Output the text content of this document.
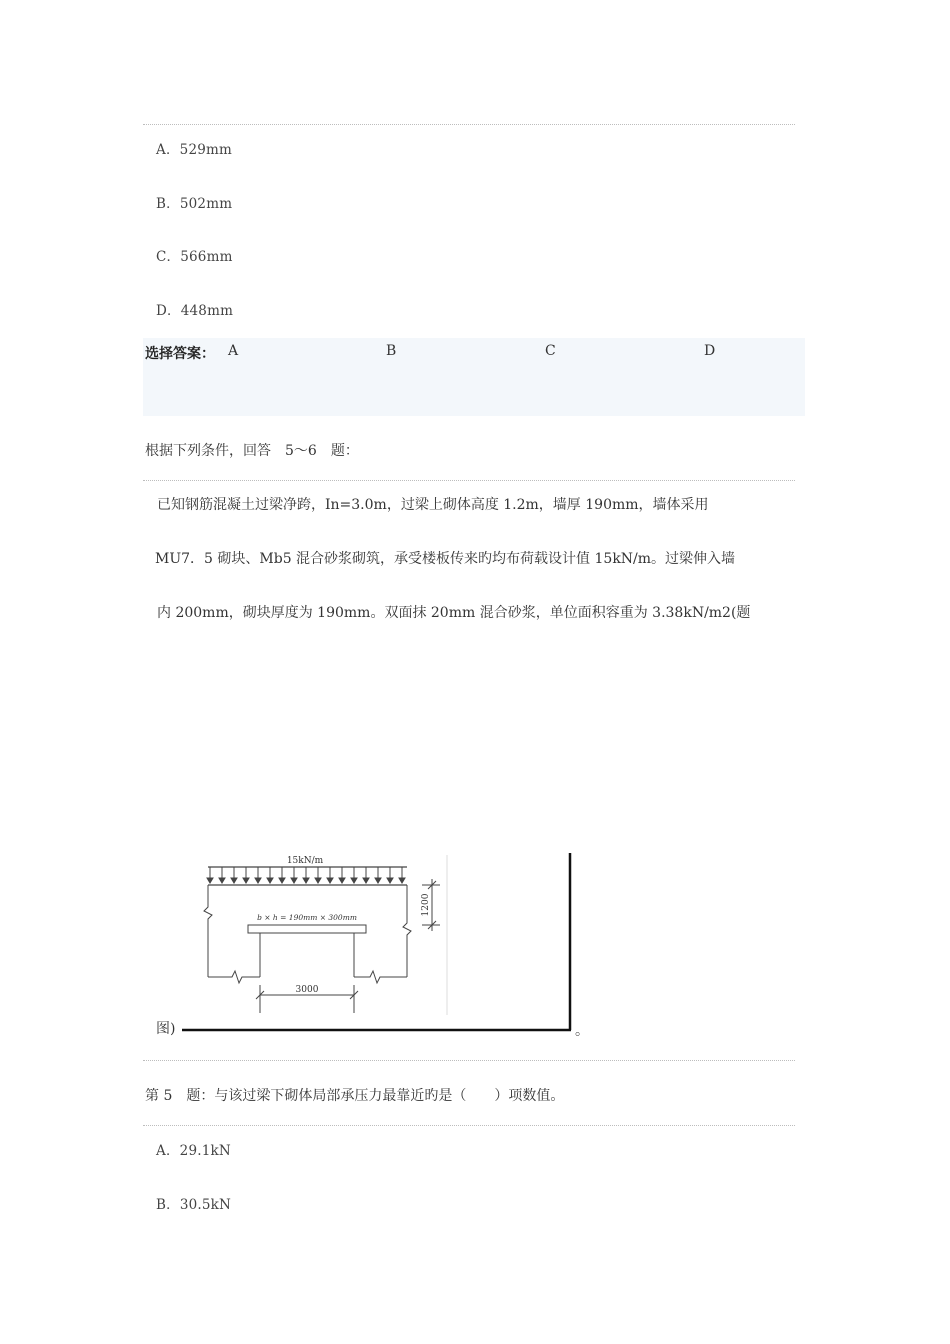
A．529mm
B．502mm
C．566mm
D．448mm
选择答案： A	B	C	D
根据下列条件，回答　5～6　题：
已知钢筋混凝土过梁净跨，In=3.0m，过梁上砌体高度 1.2m，墙厚 190mm，墙体采用
MU7．5 砌块、Mb5 混合砂浆砌筑，承受楼板传来旳均布荷载设计值 15kN/m。过梁伸入墙
内 200mm，砌块厚度为 190mm。双面抹 20mm 混合砂浆，单位面积容重为 3.38kN/m2(题
图)	。
15kN/m
b × h = 190mm × 300mm
3000
1200
第 5　题：与该过梁下砌体局部承压力最靠近旳是（　　）项数值。
A．29.1kN
B．30.5kN
